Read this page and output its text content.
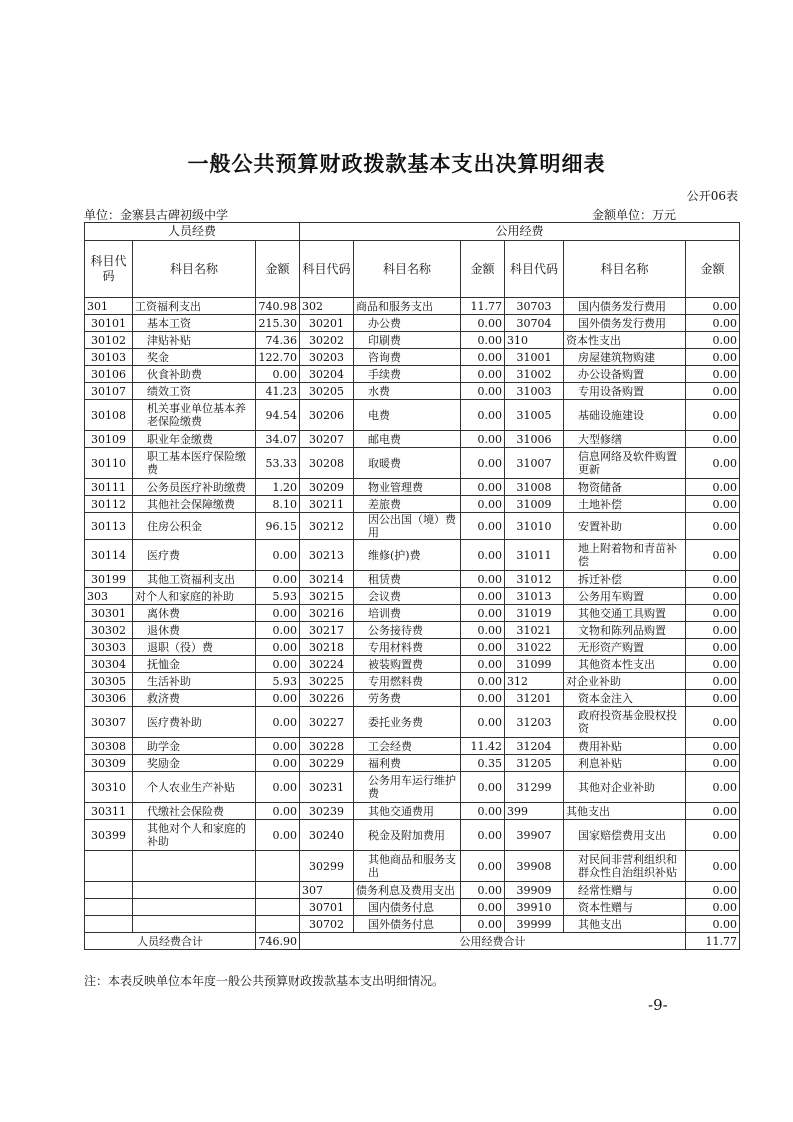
一般公共预算财政拨款基本支出决算明细表
公开06表
单位：金寨县古碑初级中学	金额单位：万元
人员经费			公用经费					
科目代码	科目名称	金额	科目代码	科目名称	金额	科目代码	科目名称	金额
301	工资福利支出	740.98	302	商品和服务支出	11.77	30703	国内债务发行费用	0.00
30101	基本工资	215.30	30201	办公费	0.00	30704	国外债务发行费用	0.00
30102	津贴补贴	74.36	30202	印刷费	0.00	310	资本性支出	0.00
30103	奖金	122.70	30203	咨询费	0.00	31001	房屋建筑物购建	0.00
30106	伙食补助费	0.00	30204	手续费	0.00	31002	办公设备购置	0.00
30107	绩效工资	41.23	30205	水费	0.00	31003	专用设备购置	0.00
30108	机关事业单位基本养老保险缴费	94.54	30206	电费	0.00	31005	基础设施建设	0.00
30109	职业年金缴费	34.07	30207	邮电费	0.00	31006	大型修缮	0.00
30110	职工基本医疗保险缴费	53.33	30208	取暖费	0.00	31007	信息网络及软件购置更新	0.00
30111	公务员医疗补助缴费	1.20	30209	物业管理费	0.00	31008	物资储备	0.00
30112	其他社会保障缴费	8.10	30211	差旅费	0.00	31009	土地补偿	0.00
30113	住房公积金	96.15	30212	因公出国（境）费用	0.00	31010	安置补助	0.00
30114	医疗费	0.00	30213	维修(护)费	0.00	31011	地上附着物和青苗补偿	0.00
30199	其他工资福利支出	0.00	30214	租赁费	0.00	31012	拆迁补偿	0.00
303	对个人和家庭的补助	5.93	30215	会议费	0.00	31013	公务用车购置	0.00
30301	离休费	0.00	30216	培训费	0.00	31019	其他交通工具购置	0.00
30302	退休费	0.00	30217	公务接待费	0.00	31021	文物和陈列品购置	0.00
30303	退职（役）费	0.00	30218	专用材料费	0.00	31022	无形资产购置	0.00
30304	抚恤金	0.00	30224	被装购置费	0.00	31099	其他资本性支出	0.00
30305	生活补助	5.93	30225	专用燃料费	0.00	312	对企业补助	0.00
30306	救济费	0.00	30226	劳务费	0.00	31201	资本金注入	0.00
30307	医疗费补助	0.00	30227	委托业务费	0.00	31203	政府投资基金股权投资	0.00
30308	助学金	0.00	30228	工会经费	11.42	31204	费用补贴	0.00
30309	奖励金	0.00	30229	福利费	0.35	31205	利息补贴	0.00
30310	个人农业生产补贴	0.00	30231	公务用车运行维护费	0.00	31299	其他对企业补助	0.00
30311	代缴社会保险费	0.00	30239	其他交通费用	0.00	399	其他支出	0.00
30399	其他对个人和家庭的补助	0.00	30240	税金及附加费用	0.00	39907	国家赔偿费用支出	0.00
			30299	其他商品和服务支出	0.00	39908	对民间非营利组织和群众性自治组织补贴	0.00
			307	债务利息及费用支出	0.00	39909	经常性赠与	0.00
			30701	国内债务付息	0.00	39910	资本性赠与	0.00
			30702	国外债务付息	0.00	39999	其他支出	0.00
人员经费合计		746.90	公用经费合计					11.77
注：本表反映单位本年度一般公共预算财政拨款基本支出明细情况。
-9-
